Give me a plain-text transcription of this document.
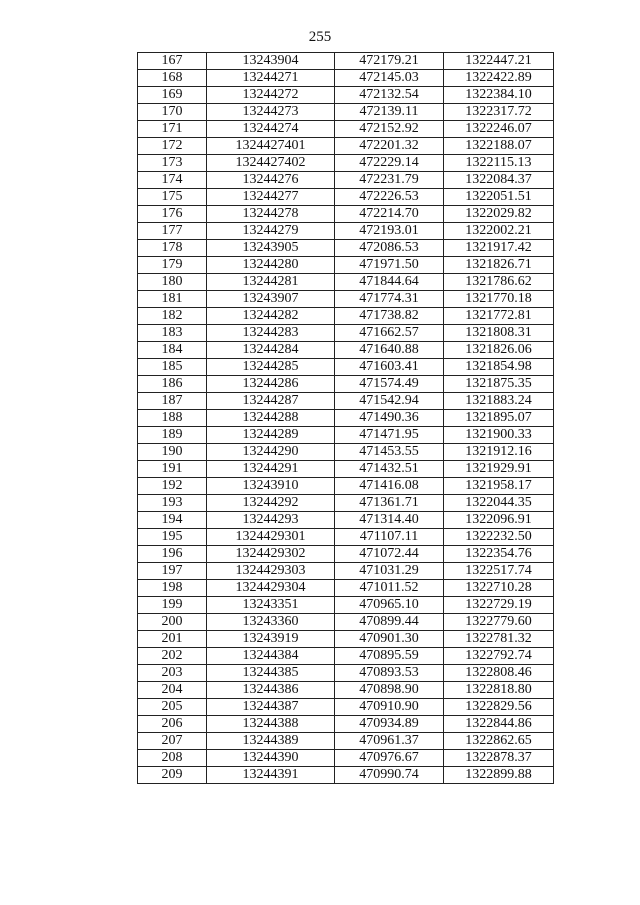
255
167	13243904	472179.21	1322447.21
168	13244271	472145.03	1322422.89
169	13244272	472132.54	1322384.10
170	13244273	472139.11	1322317.72
171	13244274	472152.92	1322246.07
172	1324427401	472201.32	1322188.07
173	1324427402	472229.14	1322115.13
174	13244276	472231.79	1322084.37
175	13244277	472226.53	1322051.51
176	13244278	472214.70	1322029.82
177	13244279	472193.01	1322002.21
178	13243905	472086.53	1321917.42
179	13244280	471971.50	1321826.71
180	13244281	471844.64	1321786.62
181	13243907	471774.31	1321770.18
182	13244282	471738.82	1321772.81
183	13244283	471662.57	1321808.31
184	13244284	471640.88	1321826.06
185	13244285	471603.41	1321854.98
186	13244286	471574.49	1321875.35
187	13244287	471542.94	1321883.24
188	13244288	471490.36	1321895.07
189	13244289	471471.95	1321900.33
190	13244290	471453.55	1321912.16
191	13244291	471432.51	1321929.91
192	13243910	471416.08	1321958.17
193	13244292	471361.71	1322044.35
194	13244293	471314.40	1322096.91
195	1324429301	471107.11	1322232.50
196	1324429302	471072.44	1322354.76
197	1324429303	471031.29	1322517.74
198	1324429304	471011.52	1322710.28
199	13243351	470965.10	1322729.19
200	13243360	470899.44	1322779.60
201	13243919	470901.30	1322781.32
202	13244384	470895.59	1322792.74
203	13244385	470893.53	1322808.46
204	13244386	470898.90	1322818.80
205	13244387	470910.90	1322829.56
206	13244388	470934.89	1322844.86
207	13244389	470961.37	1322862.65
208	13244390	470976.67	1322878.37
209	13244391	470990.74	1322899.88
